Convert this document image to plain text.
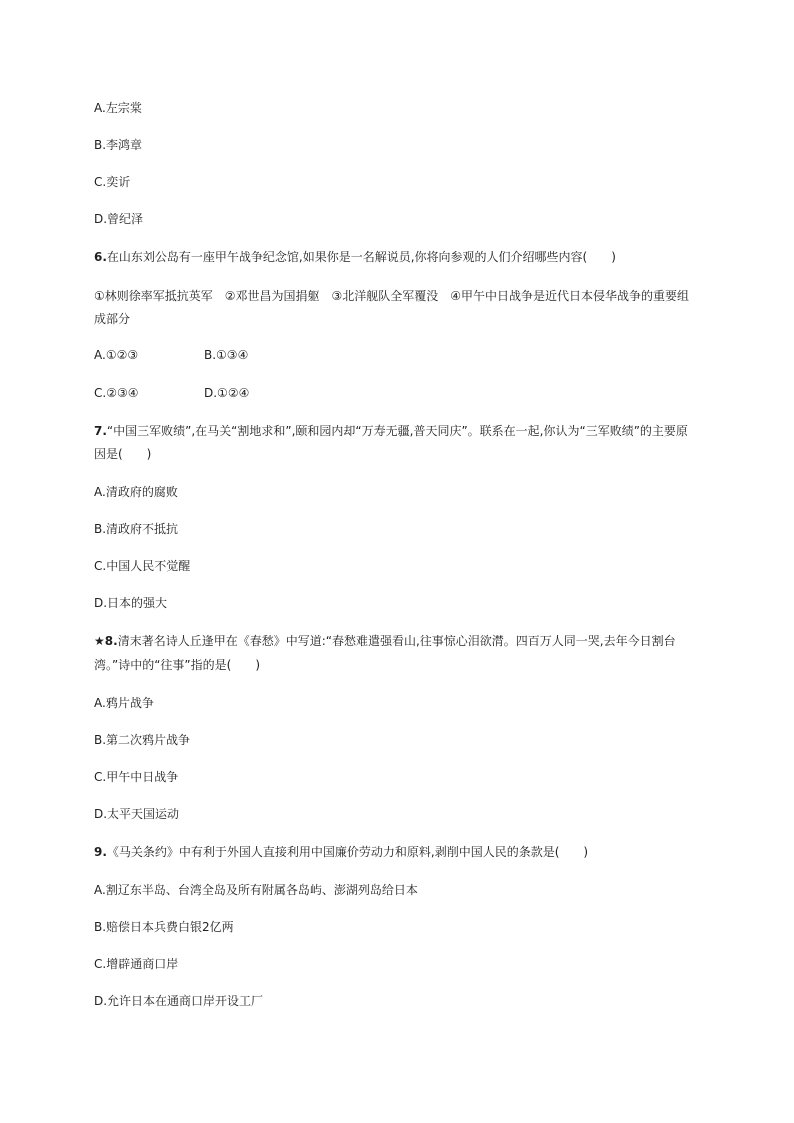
A.左宗棠
B.李鸿章
C.奕䜣
D.曾纪泽
6.在山东刘公岛有一座甲午战争纪念馆,如果你是一名解说员,你将向参观的人们介绍哪些内容(　　)
①林则徐率军抵抗英军　②邓世昌为国捐躯　③北洋舰队全军覆没　④甲午中日战争是近代日本侵华战争的重要组
成部分
A.①②③	B.①③④
C.②③④	D.①②④
7.“中国三军败绩”,在马关“割地求和”,颐和园内却“万寿无疆,普天同庆”。联系在一起,你认为“三军败绩”的主要原
因是(　　)
A.清政府的腐败
B.清政府不抵抗
C.中国人民不觉醒
D.日本的强大
★8.清末著名诗人丘逢甲在《春愁》中写道:“春愁难遣强看山,往事惊心泪欲潸。四百万人同一哭,去年今日割台
湾。”诗中的“往事”指的是(　　)
A.鸦片战争
B.第二次鸦片战争
C.甲午中日战争
D.太平天国运动
9.《马关条约》中有利于外国人直接利用中国廉价劳动力和原料,剥削中国人民的条款是(　　)
A.割辽东半岛、台湾全岛及所有附属各岛屿、澎湖列岛给日本
B.赔偿日本兵费白银2亿两
C.增辟通商口岸
D.允许日本在通商口岸开设工厂
